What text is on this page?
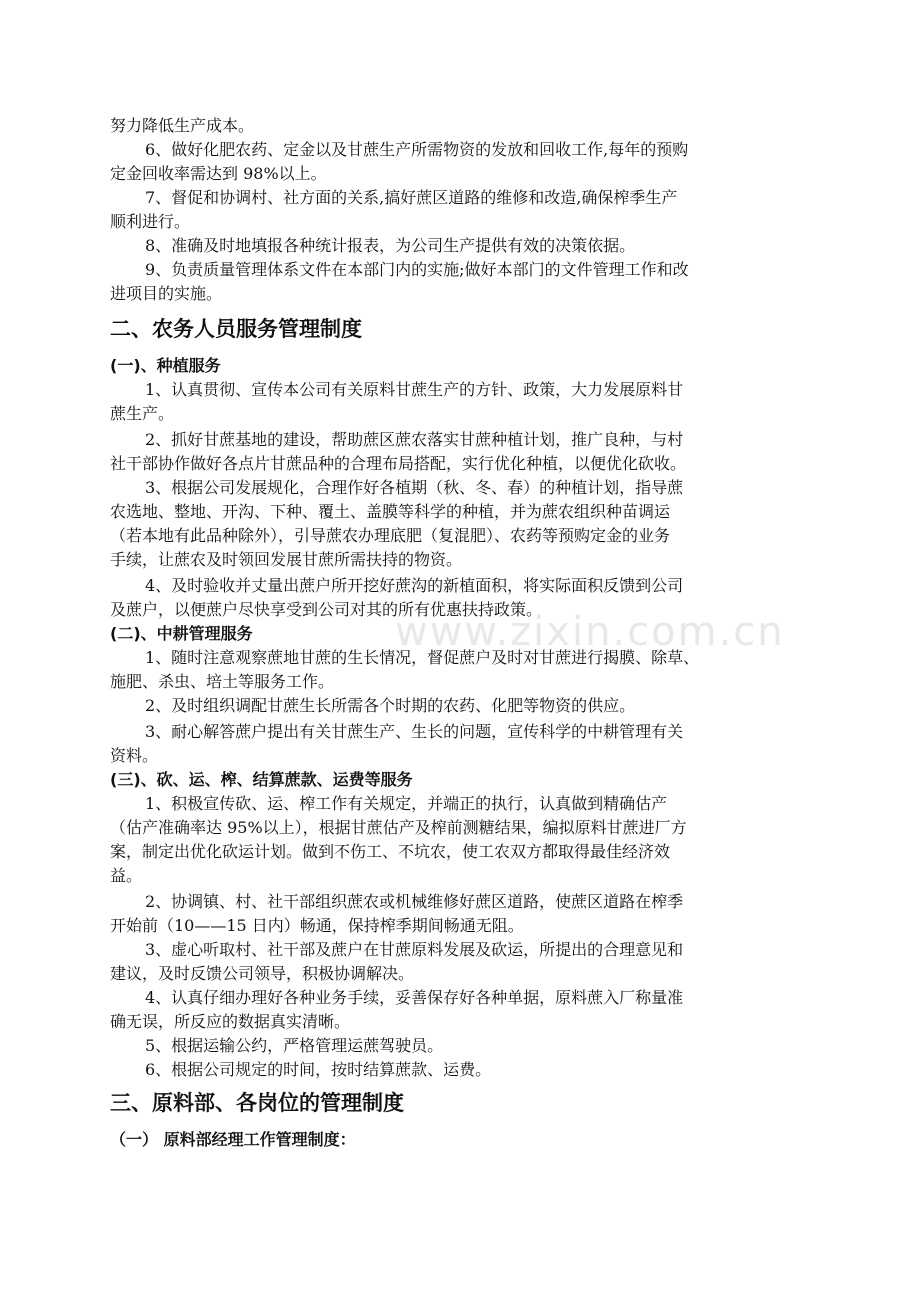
www.zixin.com.cn
努力降低生产成本。
6、做好化肥农药、定金以及甘蔗生产所需物资的发放和回收工作,每年的预购
定金回收率需达到 98%以上。
7、督促和协调村、社方面的关系,搞好蔗区道路的维修和改造,确保榨季生产
顺利进行。
8、准确及时地填报各种统计报表，为公司生产提供有效的决策依据。
9、负责质量管理体系文件在本部门内的实施;做好本部门的文件管理工作和改
进项目的实施。
二、农务人员服务管理制度
(一)、种植服务
1、认真贯彻、宣传本公司有关原料甘蔗生产的方针、政策，大力发展原料甘
蔗生产。
2、抓好甘蔗基地的建设，帮助蔗区蔗农落实甘蔗种植计划，推广良种，与村
社干部协作做好各点片甘蔗品种的合理布局搭配，实行优化种植，以便优化砍收。
3、根据公司发展规化，合理作好各植期（秋、冬、春）的种植计划，指导蔗
农选地、整地、开沟、下种、覆土、盖膜等科学的种植，并为蔗农组织种苗调运
（若本地有此品种除外），引导蔗农办理底肥（复混肥）、农药等预购定金的业务
手续，让蔗农及时领回发展甘蔗所需扶持的物资。
4、及时验收并丈量出蔗户所开挖好蔗沟的新植面积，将实际面积反馈到公司
及蔗户，以便蔗户尽快享受到公司对其的所有优惠扶持政策。
(二)、中耕管理服务
1、随时注意观察蔗地甘蔗的生长情况，督促蔗户及时对甘蔗进行揭膜、除草、
施肥、杀虫、培土等服务工作。
2、及时组织调配甘蔗生长所需各个时期的农药、化肥等物资的供应。
3、耐心解答蔗户提出有关甘蔗生产、生长的问题，宣传科学的中耕管理有关
资料。
(三)、砍、运、榨、结算蔗款、运费等服务
1、积极宣传砍、运、榨工作有关规定，并端正的执行，认真做到精确估产
（估产准确率达 95%以上），根据甘蔗估产及榨前测糖结果，编拟原料甘蔗进厂方
案，制定出优化砍运计划。做到不伤工、不坑农，使工农双方都取得最佳经济效
益。
2、协调镇、村、社干部组织蔗农或机械维修好蔗区道路，使蔗区道路在榨季
开始前（10——15 日内）畅通，保持榨季期间畅通无阻。
3、虚心听取村、社干部及蔗户在甘蔗原料发展及砍运，所提出的合理意见和
建议，及时反馈公司领导，积极协调解决。
4、认真仔细办理好各种业务手续，妥善保存好各种单据，原料蔗入厂称量准
确无误，所反应的数据真实清晰。
5、根据运输公约，严格管理运蔗驾驶员。
6、根据公司规定的时间，按时结算蔗款、运费。
三、原料部、各岗位的管理制度
（一） 原料部经理工作管理制度：
